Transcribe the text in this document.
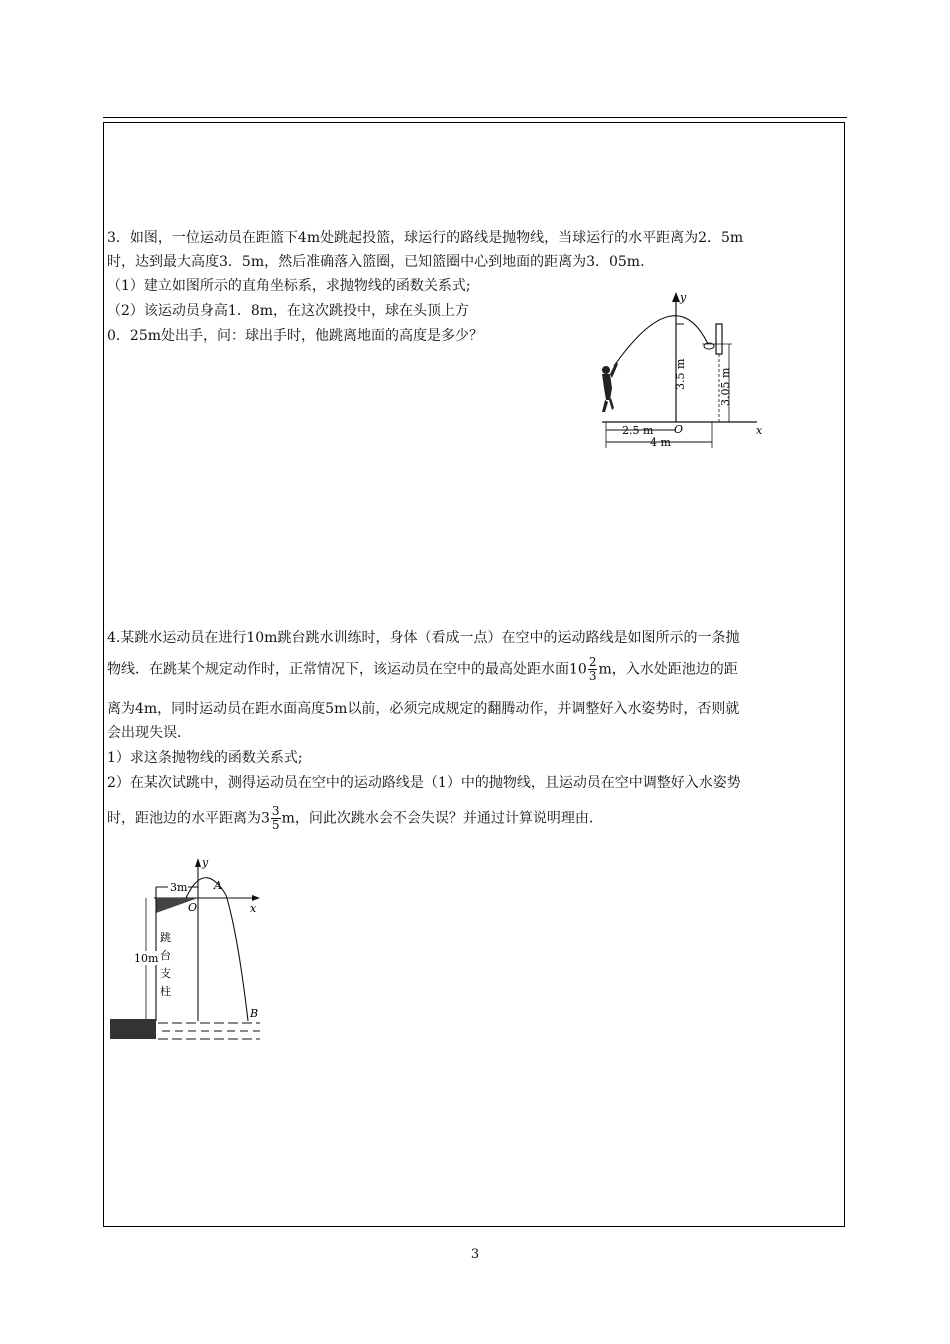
3．如图，一位运动员在距篮下4m处跳起投篮，球运行的路线是抛物线，当球运行的水平距离为2．5m
时，达到最大高度3．5m，然后准确落入篮圈，已知篮圈中心到地面的距离为3．05m．
（1）建立如图所示的直角坐标系，求抛物线的函数关系式;
（2）该运动员身高1．8m，在这次跳投中，球在头顶上方
0．25m处出手，问：球出手时，他跳离地面的高度是多少？
x
y
O
3.5 m	3.05 m
2.5 m
4 m
4.某跳水运动员在进行10m跳台跳水训练时，身体（看成一点）在空中的运动路线是如图所示的一条抛
物线．在跳某个规定动作时，正常情况下，该运动员在空中的最高处距水面$10 \frac{2}{3}$ m，入水处距池边的距
离为4m，同时运动员在距水面高度5m以前，必须完成规定的翻腾动作，并调整好入水姿势时，否则就
会出现失误．
1）求这条抛物线的函数关系式;
2）在某次试跳中，测得运动员在空中的运动路线是（1）中的抛物线，且运动员在空中调整好入水姿势
时，距池边的水平距离为$3 \frac{3}{5}$ m，问此次跳水会不会失误？并通过计算说明理由．
y
x
O
3m
10m
跳
台
支
柱
A
B
3
